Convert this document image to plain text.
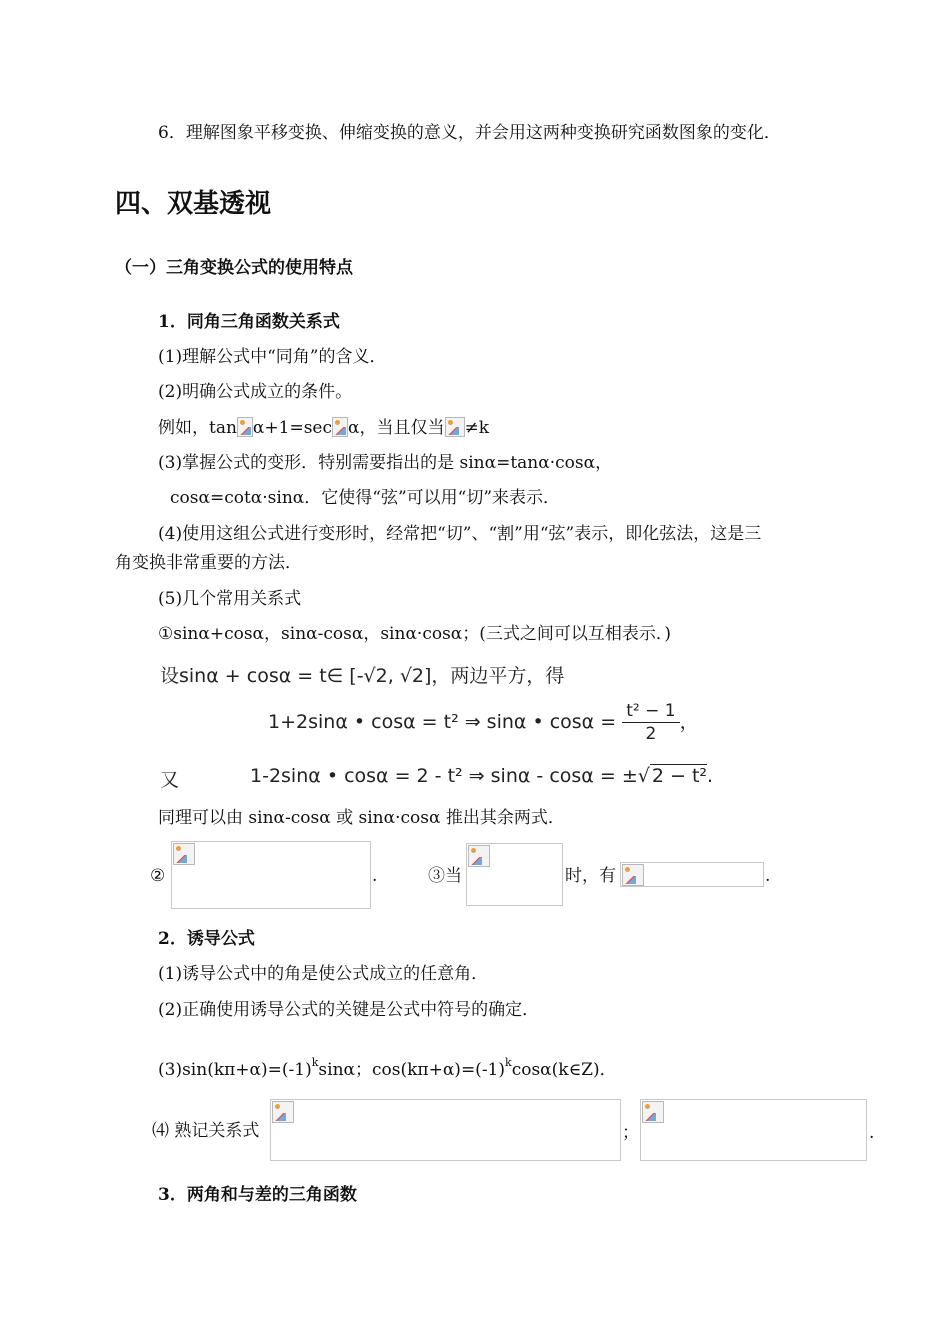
6．理解图象平移变换、伸缩变换的意义，并会用这两种变换研究函数图象的变化．
四、双基透视
（一）三角变换公式的使用特点
1．同角三角函数关系式
(1)理解公式中“同角”的含义．
(2)明确公式成立的条件。
例如，tan α+1=sec α，当且仅当 ≠k
(3)掌握公式的变形．特别需要指出的是 sinα=tanα·cosα，
cosα=cotα·sinα．它使得“弦”可以用“切”来表示．
(4)使用这组公式进行变形时，经常把“切”、“割”用“弦”表示，即化弦法，这是三
角变换非常重要的方法．
(5)几个常用关系式
①sinα+cosα，sinα-cosα，sinα·cosα；(三式之间可以互相表示．)
设sinα + cosα = t∈ [-√2, √2]，两边平方，得
1+2sinα • cosα = t² ⇒ sinα • $\cos\alpha = \frac{\text{t² − 1}}{2}$ ，
又	1-2sinα • cosα = 2 - t² ⇒ sinα - cosα = ±√ 2 − t².
同理可以由 sinα-cosα 或 sinα·cosα 推出其余两式．
②	.	③当	时，有	.
2．诱导公式
(1)诱导公式中的角是使公式成立的任意角．
(2)正确使用诱导公式的关键是公式中符号的确定．
$(3)\sin(k\pi+\alpha)=(-1)^k\sin\alpha$；$\cos(k\pi+\alpha)=(-1)^k\cos\alpha(k\in Z)$．
⑷ 熟记关系式	；	.
3．两角和与差的三角函数
